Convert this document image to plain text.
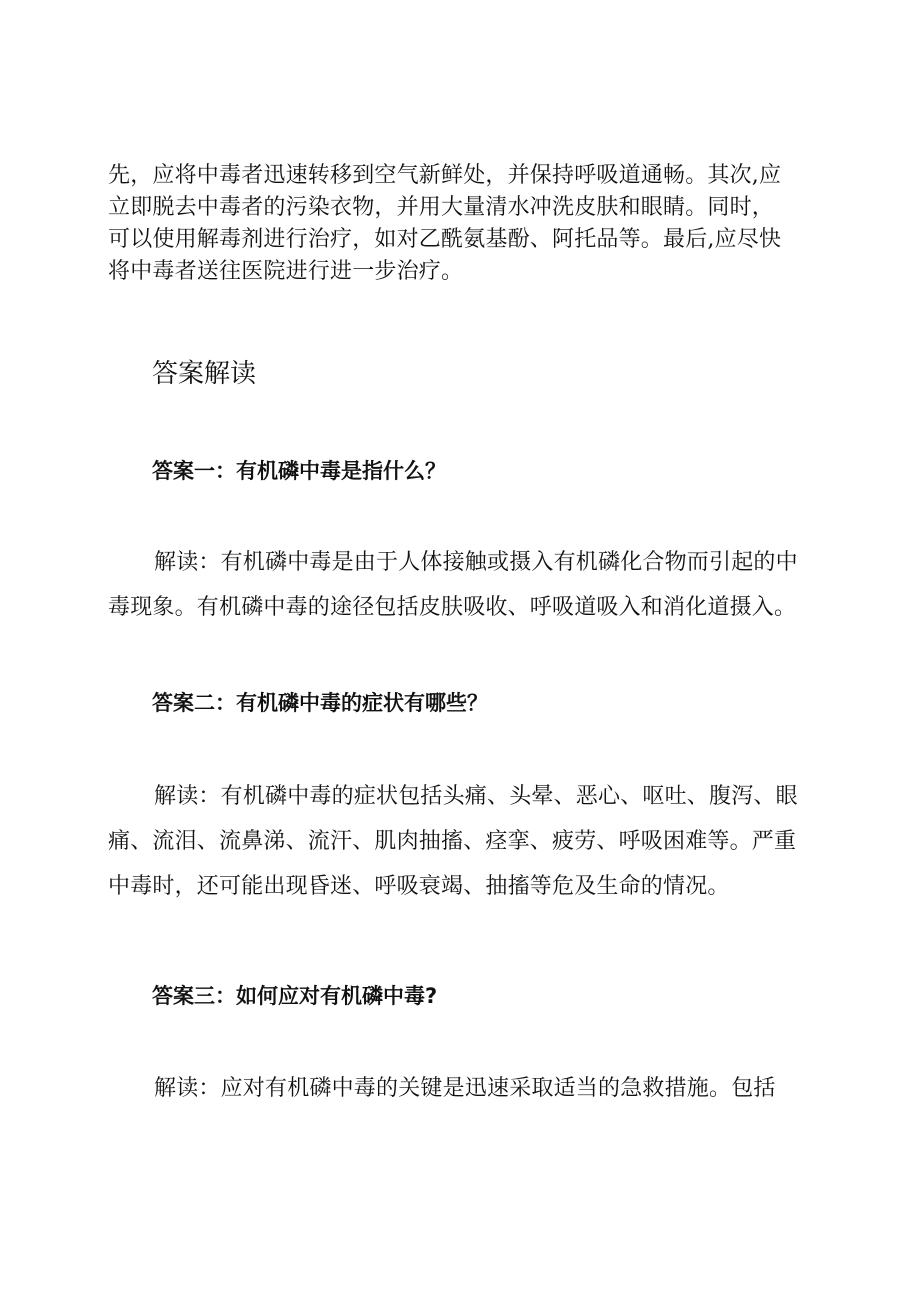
先，应将中毒者迅速转移到空气新鲜处，并保持呼吸道通畅。其次,应
立即脱去中毒者的污染衣物，并用大量清水冲洗皮肤和眼睛。同时，
可以使用解毒剂进行治疗，如对乙酰氨基酚、阿托品等。最后,应尽快
将中毒者送往医院进行进一步治疗。
答案解读
答案一：有机磷中毒是指什么？
解读：有机磷中毒是由于人体接触或摄入有机磷化合物而引起的中
毒现象。有机磷中毒的途径包括皮肤吸收、呼吸道吸入和消化道摄入。
答案二：有机磷中毒的症状有哪些？
解读：有机磷中毒的症状包括头痛、头晕、恶心、呕吐、腹泻、眼
痛、流泪、流鼻涕、流汗、肌肉抽搐、痉挛、疲劳、呼吸困难等。严重
中毒时，还可能出现昏迷、呼吸衰竭、抽搐等危及生命的情况。
答案三：如何应对有机磷中毒?
解读：应对有机磷中毒的关键是迅速采取适当的急救措施。包括
